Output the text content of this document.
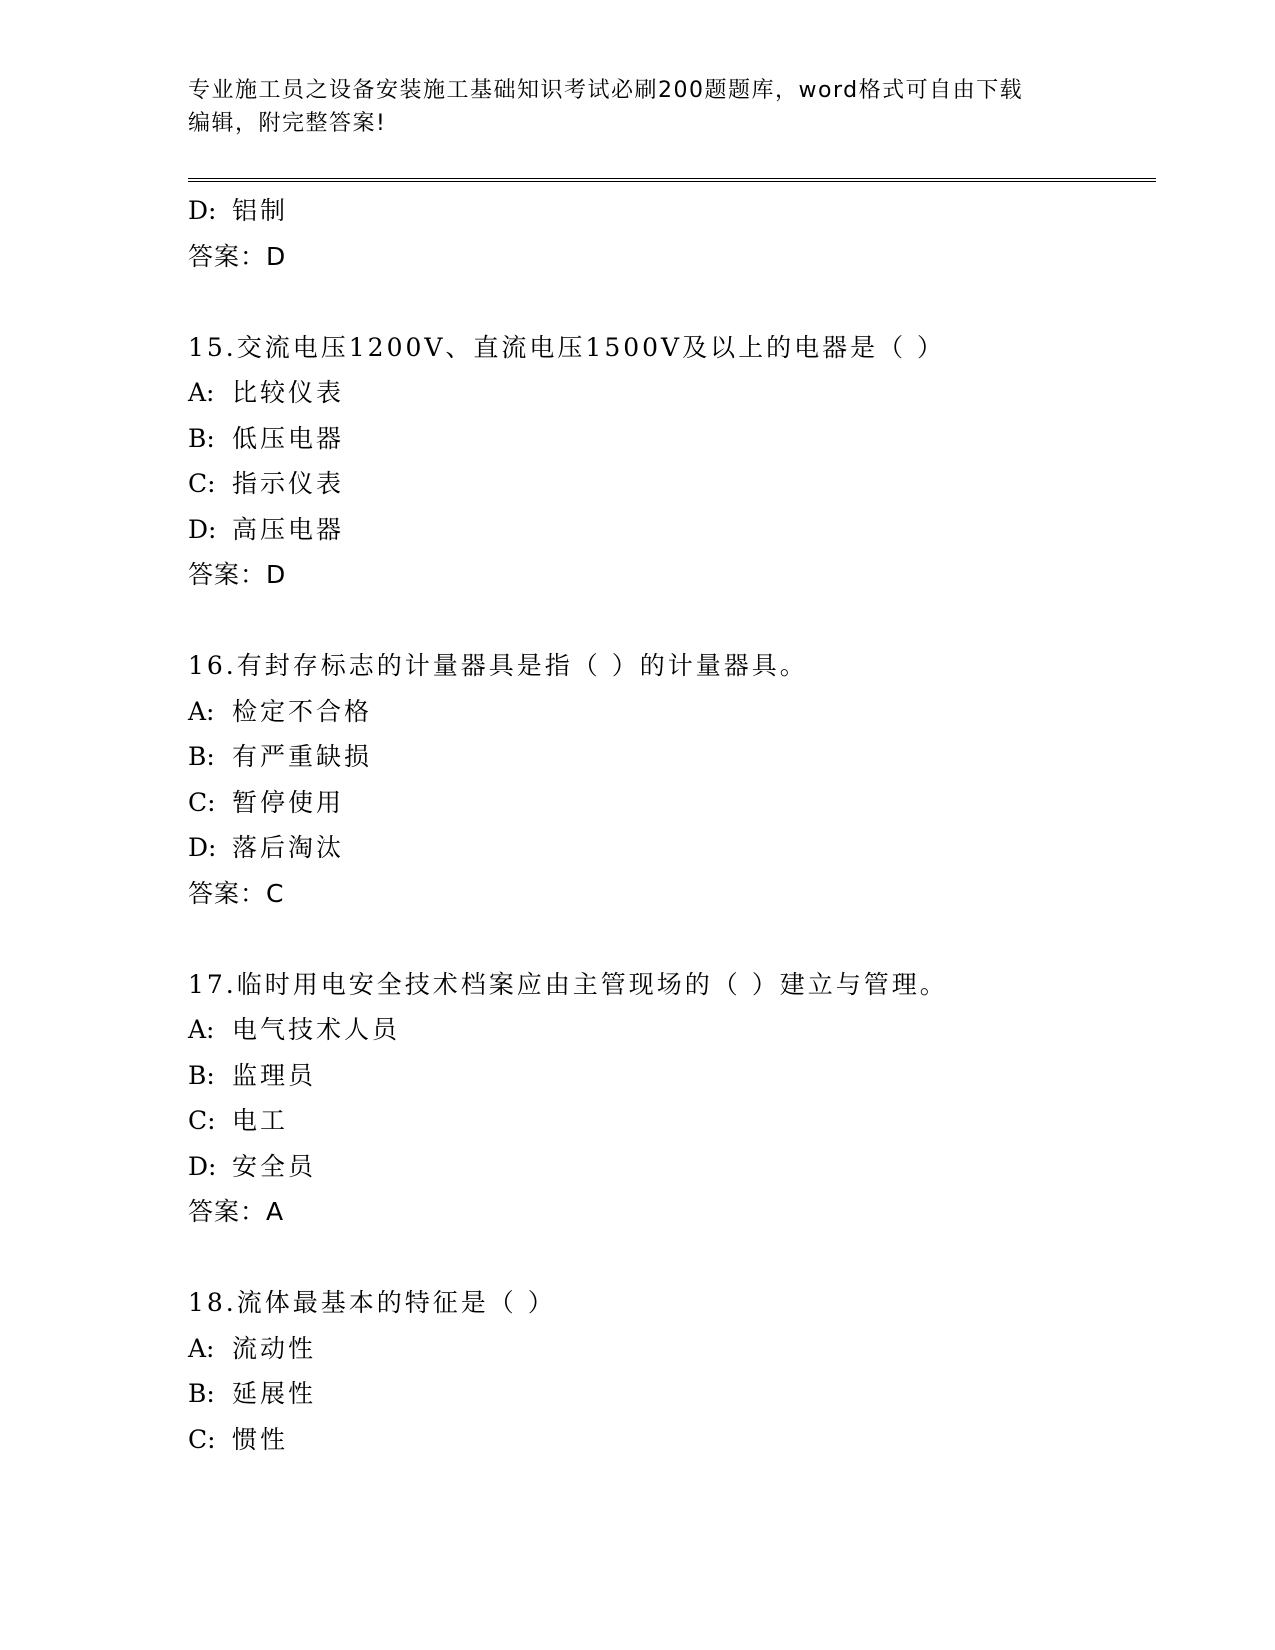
专业施工员之设备安装施工基础知识考试必刷200题题库，word格式可自由下载
编辑，附完整答案!
D: 铝制
答案：D
15.交流电压1200V、直流电压1500V及以上的电器是（ ）
A: 比较仪表
B: 低压电器
C: 指示仪表
D: 高压电器
答案：D
16.有封存标志的计量器具是指（ ）的计量器具。
A: 检定不合格
B: 有严重缺损
C: 暂停使用
D: 落后淘汰
答案：C
17.临时用电安全技术档案应由主管现场的（ ）建立与管理。
A: 电气技术人员
B: 监理员
C: 电工
D: 安全员
答案：A
18.流体最基本的特征是（ ）
A: 流动性
B: 延展性
C: 惯性
